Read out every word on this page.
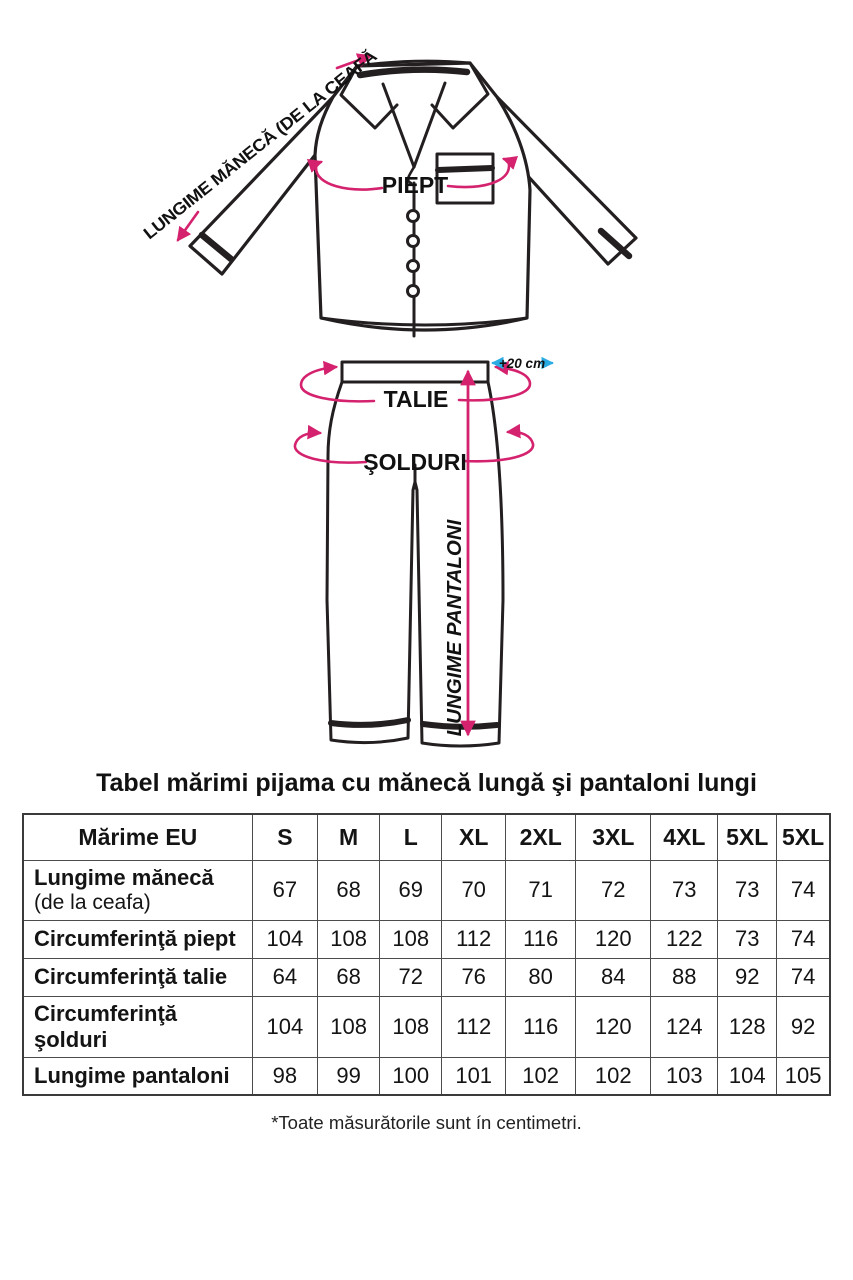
LUNGIME MĂNECĂ (DE LA CEAFĂ PIEPT
TALIE
ŞOLDURI
LUNGIME PANTALONI
+20 cm
Tabel mărimi pijama cu mănecă lungă şi pantaloni lungi
Mărime EU	S	M	L	XL	2XL	3XL	4XL	5XL	5XL
Lungime mănecă
(de la ceafa)	67	68	69	70	71	72	73	73	74
Circumferinţă piept	104	108	108	112	116	120	122	73	74
Circumferinţă talie	64	68	72	76	80	84	88	92	74
Circumferinţă şolduri	104	108	108	112	116	120	124	128	92
Lungime pantaloni	98	99	100	101	102	102	103	104	105
*Toate măsurătorile sunt ín centimetri.
